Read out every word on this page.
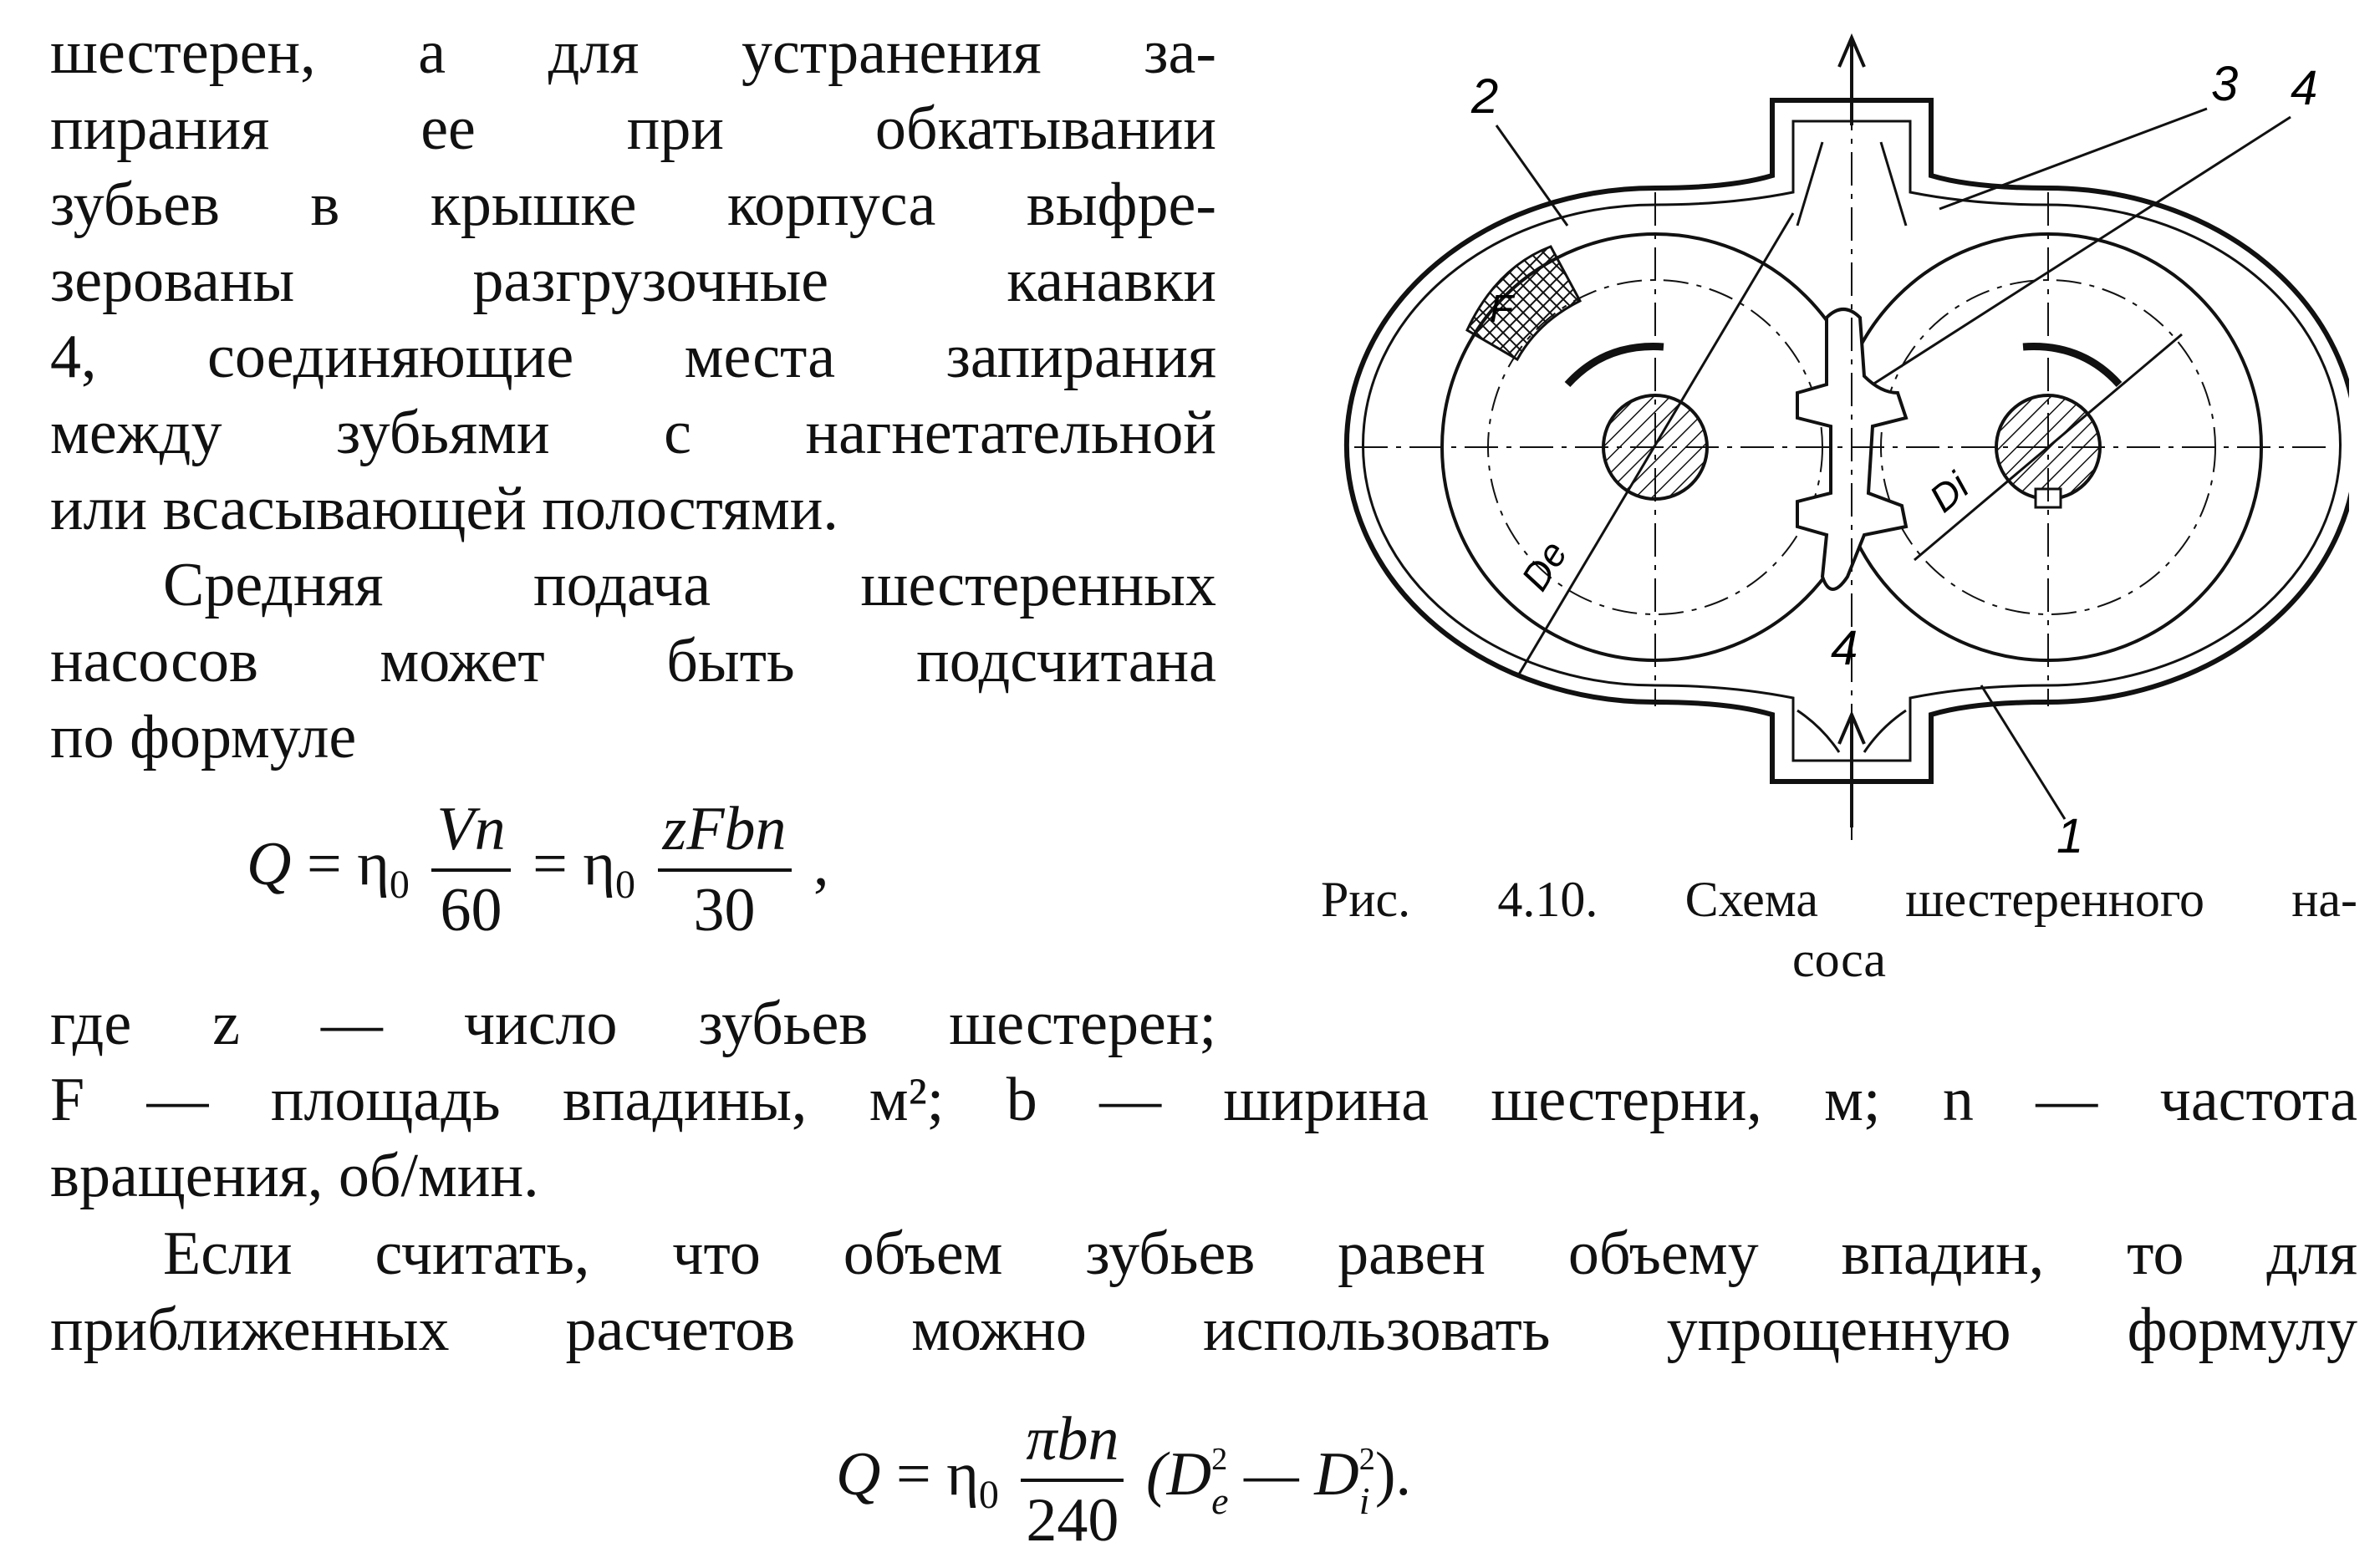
шестерен, а для устранения за-
пирания ее при обкатывании
зубьев в крышке корпуса выфре-
зерованы разгрузочные канавки
4, соединяющие места запирания
между зубьями с нагнетательной
или всасывающей полостями.
Средняя подача шестеренных
насосов может быть подсчитана
по формуле
$Q = \eta_0 \frac{Vn}{60} = \eta_0 \frac{\text{zFbn}}{30}$ ,
2	3 4
4
1
F
De
Di
Рис. 4.10. Схема шестеренного на-
соса
где z — число зубьев шестерен;
F — площадь впадины, м²; b — ширина шестерни, м; n — частота
вращения, об/мин.
Если считать, что объем зубьев равен объему впадин, то для
приближенных расчетов можно использовать упрощенную формулу
$Q = \eta_0 \frac{\text{πbn}}{240} (D$ 2
e — D 2
i ).
